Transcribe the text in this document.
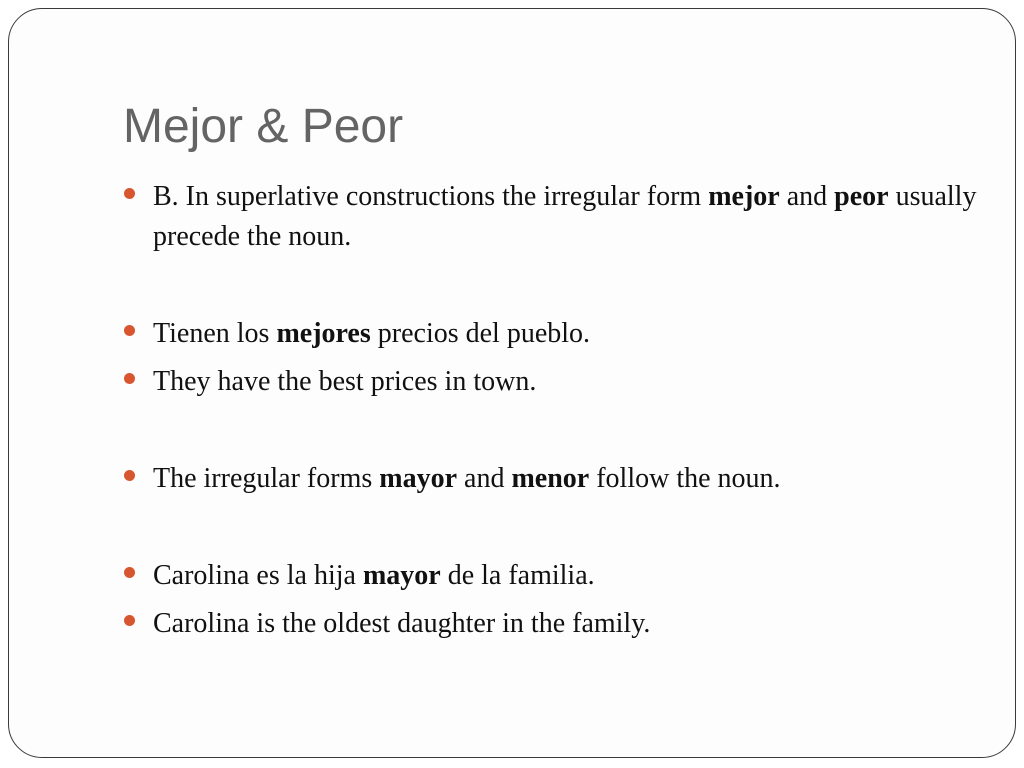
Mejor & Peor
B. In superlative constructions the irregular form mejor and peor usually precede the noun.
Tienen los mejores precios del pueblo.
They have the best prices in town.
The irregular forms mayor and menor follow the noun.
Carolina es la hija mayor de la familia.
Carolina is the oldest daughter in the family.
